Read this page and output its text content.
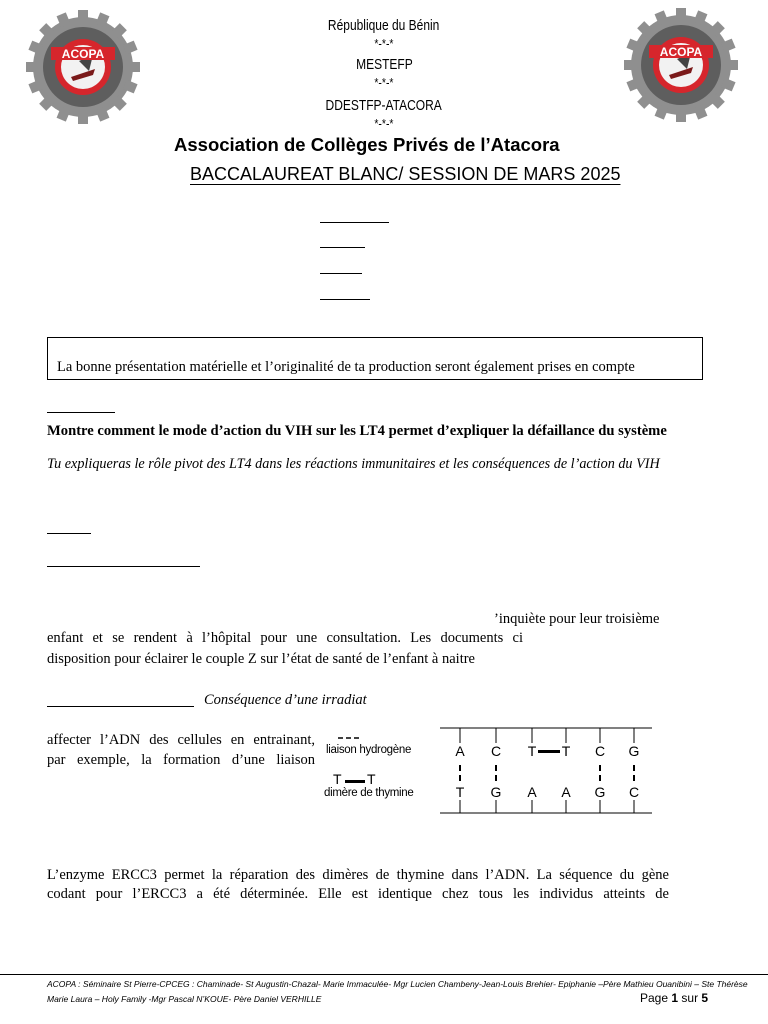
ACOPA	ACOPA
République du Bénin
*-*-*
MESTEFP
*-*-*
DDESTFP-ATACORA
*-*-*
Association de Collèges Privés de l’Atacora
BACCALAUREAT BLANC/ SESSION DE MARS 2025
La bonne présentation matérielle et l’originalité de ta production seront également prises en compte
Montre comment le mode d’action du VIH sur les LT4 permet d’expliquer la défaillance du système
Tu expliqueras le rôle pivot des LT4 dans les réactions immunitaires et les conséquences de l’action du VIH
’inquiète pour leur troisième
enfant et se rendent à l’hôpital pour une consultation. Les documents ci
disposition pour éclairer le couple Z sur l’état de santé de l’enfant à naitre
Conséquence d’une irradiat
affecter l’ADN des cellules en entrainant,
par exemple, la formation d’une liaison
liaison hydrogène
T T
dimère de thymine
A C T T C G
T G A A G C
L’enzyme ERCC3 permet la réparation des dimères de thymine dans l’ADN. La séquence du gène
codant pour l’ERCC3 a été déterminée. Elle est identique chez tous les individus atteints de
ACOPA : Séminaire St Pierre-CPCEG : Chaminade- St Augustin-Chazal- Marie Immaculée- Mgr Lucien Chambeny-Jean-Louis Brehier- Epiphanie –Père Mathieu Ouanibini – Ste Thérèse
Marie Laura – Holy Family -Mgr Pascal N’KOUE- Père Daniel VERHILLE	Page 1 sur 5
